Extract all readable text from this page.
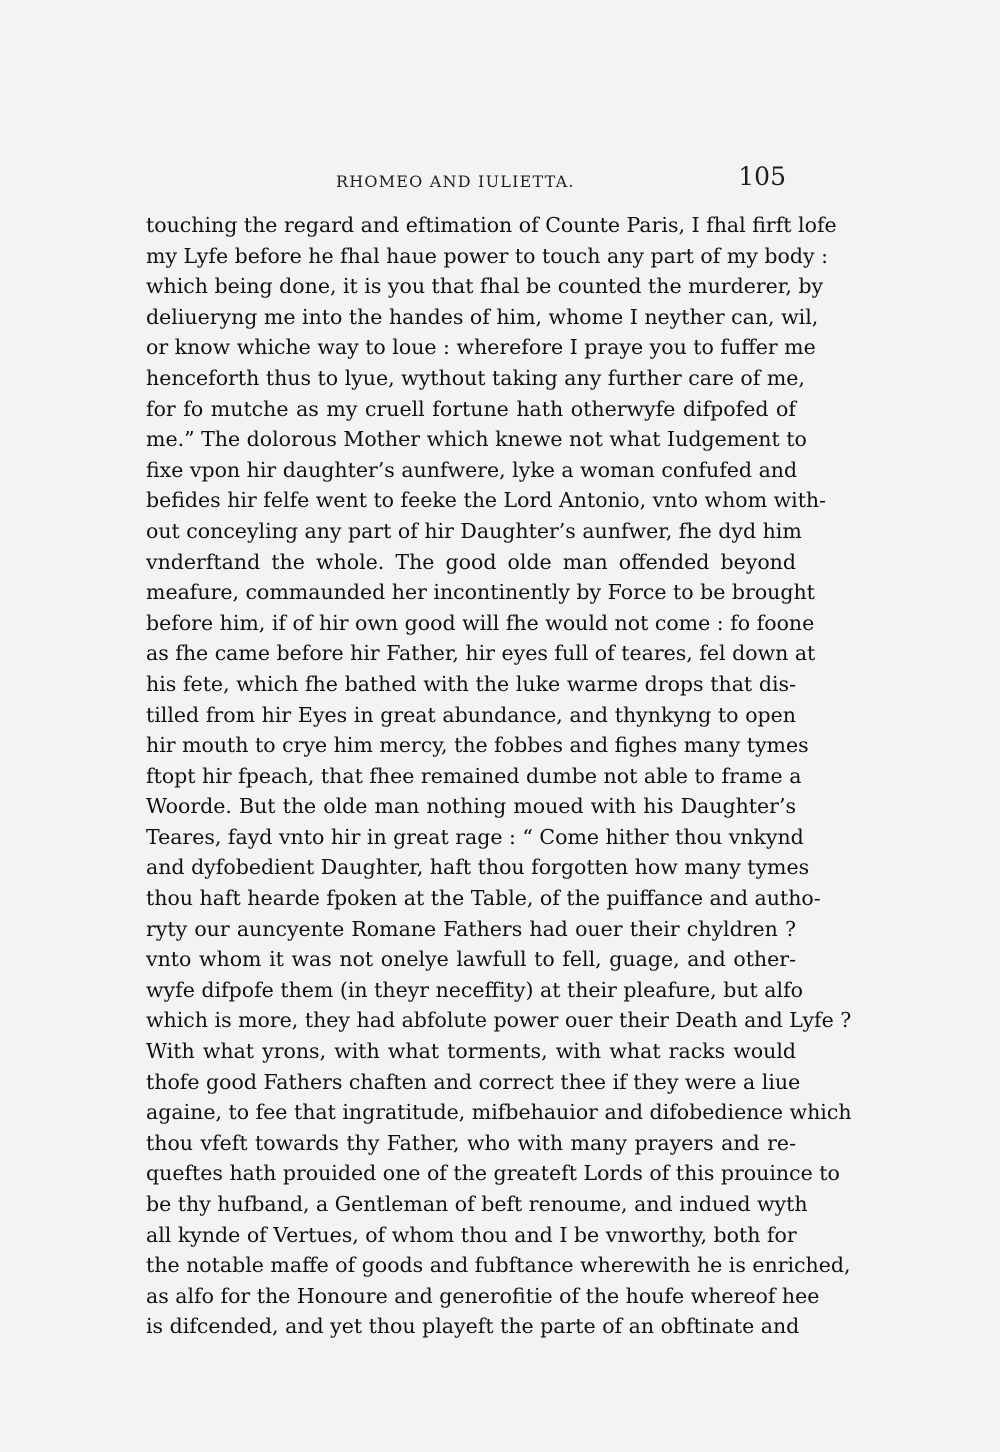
RHOMEO AND IULIETTA.	105
touching the regard and eftimation of Counte Paris, I fhal firft lofe
my Lyfe before he fhal haue power to touch any part of my body :
which being done, it is you that fhal be counted the murderer, by
deliueryng me into the handes of him, whome I neyther can, wil,
or know whiche way to loue : wherefore I praye you to fuffer me
henceforth thus to lyue, wythout taking any further care of me,
for fo mutche as my cruell fortune hath otherwyfe difpofed of
me.” The dolorous Mother which knewe not what Iudgement to
fixe vpon hir daughter’s aunfwere, lyke a woman confufed and
befides hir felfe went to feeke the Lord Antonio, vnto whom with-
out conceyling any part of hir Daughter’s aunfwer, fhe dyd him
vnderftand the whole. The good olde man offended beyond
meafure, commaunded her incontinently by Force to be brought
before him, if of hir own good will fhe would not come : fo foone
as fhe came before hir Father, hir eyes full of teares, fel down at
his fete, which fhe bathed with the luke warme drops that dis-
tilled from hir Eyes in great abundance, and thynkyng to open
hir mouth to crye him mercy, the fobbes and fighes many tymes
ftopt hir fpeach, that fhee remained dumbe not able to frame a
Woorde. But the olde man nothing moued with his Daughter’s
Teares, fayd vnto hir in great rage : “ Come hither thou vnkynd
and dyfobedient Daughter, haft thou forgotten how many tymes
thou haft hearde fpoken at the Table, of the puiffance and autho-
ryty our auncyente Romane Fathers had ouer their chyldren ?
vnto whom it was not onelye lawfull to fell, guage, and other-
wyfe difpofe them (in theyr neceffity) at their pleafure, but alfo
which is more, they had abfolute power ouer their Death and Lyfe ?
With what yrons, with what torments, with what racks would
thofe good Fathers chaften and correct thee if they were a liue
againe, to fee that ingratitude, mifbehauior and difobedience which
thou vfeft towards thy Father, who with many prayers and re-
queftes hath prouided one of the greateft Lords of this prouince to
be thy hufband, a Gentleman of beft renoume, and indued wyth
all kynde of Vertues, of whom thou and I be vnworthy, both for
the notable maffe of goods and fubftance wherewith he is enriched,
as alfo for the Honoure and generofitie of the houfe whereof hee
is difcended, and yet thou playeft the parte of an obftinate and
